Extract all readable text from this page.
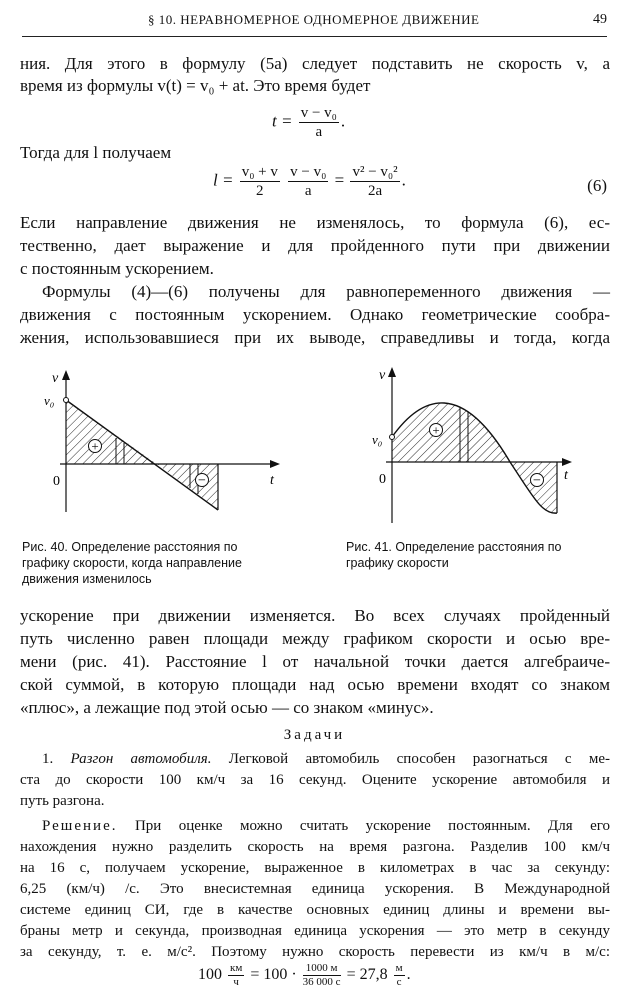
§ 10. НЕРАВНОМЕРНОЕ ОДНОМЕРНОЕ ДВИЖЕНИЕ	49
ния. Для этого в формулу (5а) следует подставить не скорость v, а
время из формулы v(t) = v₀ + at. Это время будет
$t = \frac{\text{v − v₀}}{a}$ .
Тогда для l получаем
$l = \frac{\text{v₀ + v}}{2}$
$\frac{\text{v − v₀}}{a} = \frac{\text{v² − v₀²}}{2a}$ .	(6)
Если направление движения не изменялось, то формула (6), ес-
тественно, дает выражение и для пройденного пути при движении
с постоянным ускорением.
Формулы (4)—(6) получены для равнопеременного движения —
движения с постоянным ускорением. Однако геометрические сообра-
жения, использовавшиеся при их выводе, справедливы и тогда, когда
+
−
v
v₀
0	t
+
−
v
v₀
0	t
Рис. 40. Определение расстояния по
графику скорости, когда направление
движения изменилось
Рис. 41. Определение расстояния по
графику скорости
ускорение при движении изменяется. Во всех случаях пройденный
путь численно равен площади между графиком скорости и осью вре-
мени (рис. 41). Расстояние l от начальной точки дается алгебраиче-
ской суммой, в которую площади над осью времени входят со знаком
«плюс», а лежащие под этой осью — со знаком «минус».
Задачи
1. Разгон автомобиля. Легковой автомобиль способен разогнаться с ме-
ста до скорости 100 км/ч за 16 секунд. Оцените ускорение автомобиля и
путь разгона.
Решение. При оценке можно считать ускорение постоянным. Для его
нахождения нужно разделить скорость на время разгона. Разделив 100 км/ч
на 16 с, получаем ускорение, выраженное в километрах в час за секунду:
6,25 (км/ч) /с. Это внесистемная единица ускорения. В Международной
системе единиц СИ, где в качестве основных единиц длины и времени вы-
браны метр и секунда, производная единица ускорения — это метр в секунду
за секунду, т. е. м/с². Поэтому нужно скорость перевести из км/ч в м/с:
$100 \frac{км}{ч} = 100 \cdot \frac{1000 м}{36 000 с} = 27,8 \frac{м}{с}$ .
